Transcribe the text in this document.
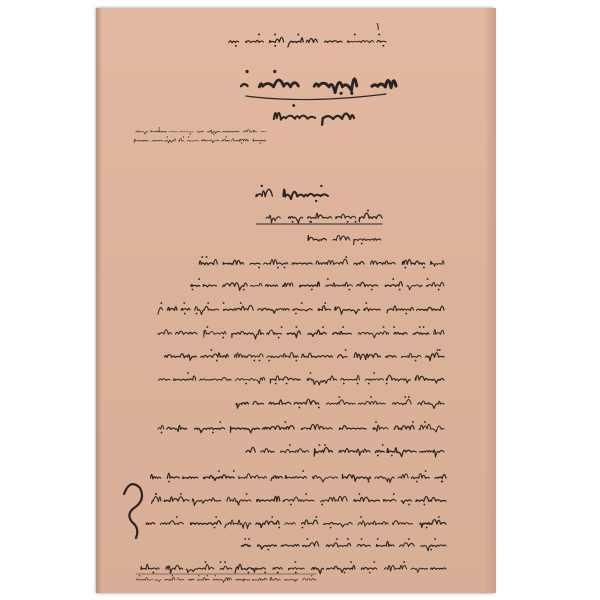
١
